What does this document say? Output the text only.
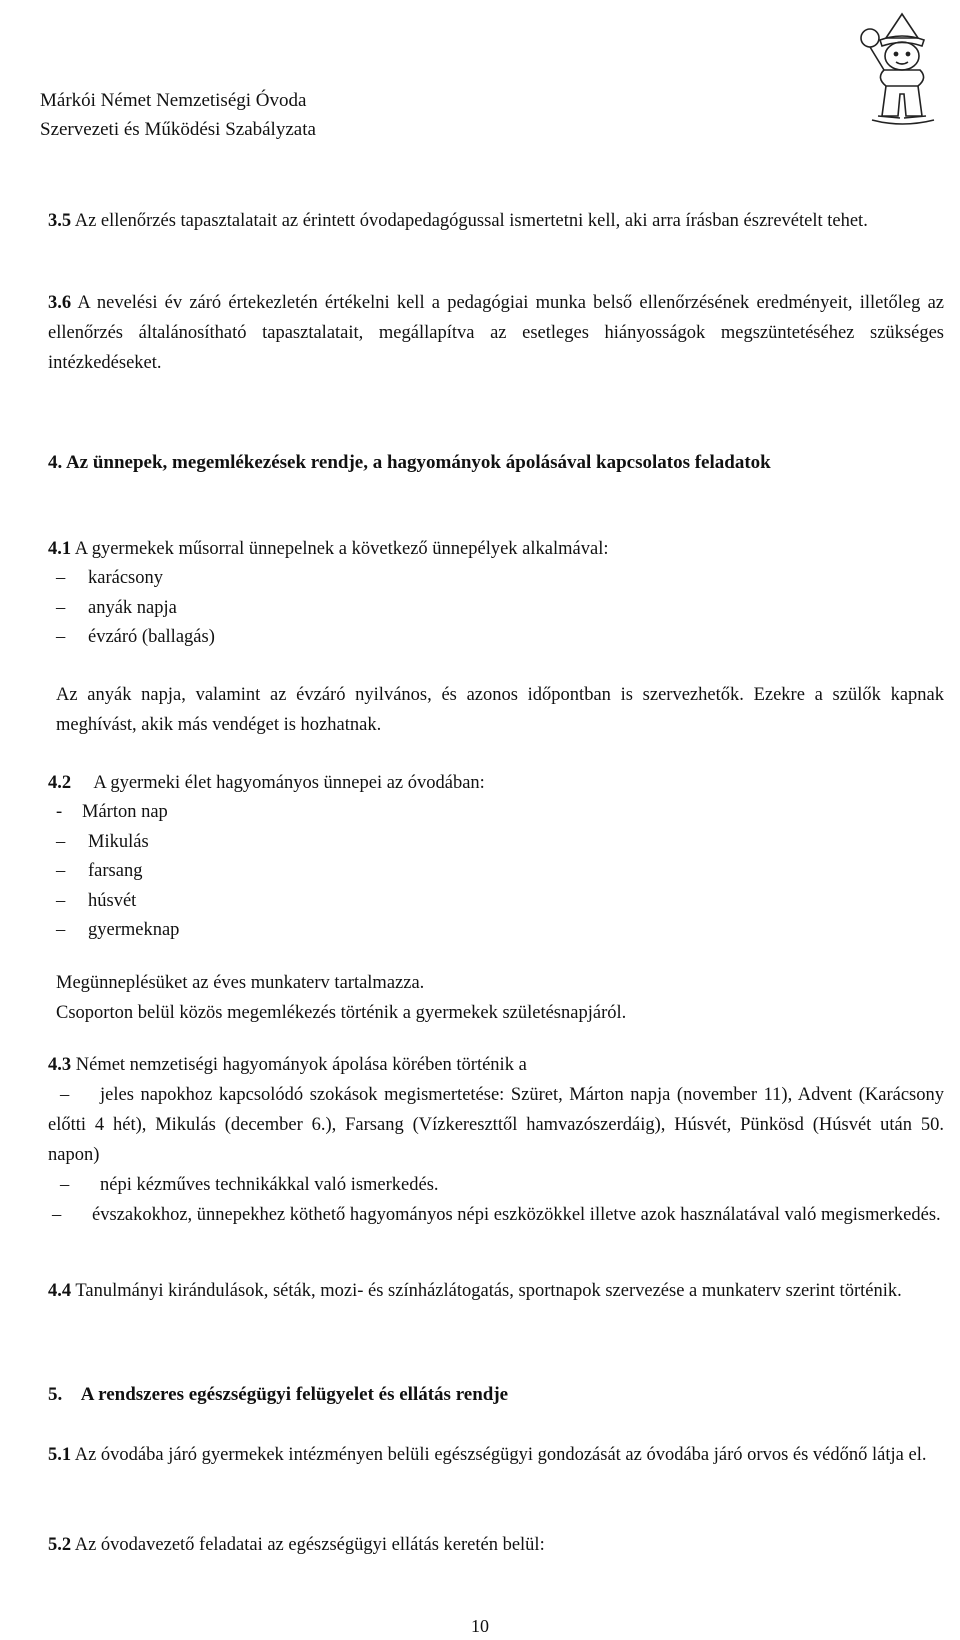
Márkói Német Nemzetiségi Óvoda
Szervezeti és Működési Szabályzata
3.5 Az ellenőrzés tapasztalatait az érintett óvodapedagógussal ismertetni kell, aki arra írásban észrevételt tehet.
3.6 A nevelési év záró értekezletén értékelni kell a pedagógiai munka belső ellenőrzésének eredményeit, illetőleg az ellenőrzés általánosítható tapasztalatait, megállapítva az esetleges hiányosságok megszüntetéséhez szükséges intézkedéseket.
4. Az ünnepek, megemlékezések rendje, a hagyományok ápolásával kapcsolatos feladatok
4.1 A gyermekek műsorral ünnepelnek a következő ünnepélyek alkalmával:
– karácsony
– anyák napja
– évzáró (ballagás)
Az anyák napja, valamint az évzáró nyilvános, és azonos időpontban is szervezhetők. Ezekre a szülők kapnak meghívást, akik más vendéget is hozhatnak.
4.2 A gyermeki élet hagyományos ünnepei az óvodában:
- Márton nap
– Mikulás
– farsang
– húsvét
– gyermeknap
Megünneplésüket az éves munkaterv tartalmazza.
Csoporton belül közös megemlékezés történik a gyermekek születésnapjáról.
4.3 Német nemzetiségi hagyományok ápolása körében történik a
– jeles napokhoz kapcsolódó szokások megismertetése: Szüret, Márton napja (november 11), Advent (Karácsony előtti 4 hét), Mikulás (december 6.), Farsang (Vízkereszttől hamvazószerdáig), Húsvét, Pünkösd (Húsvét után 50. napon)
– népi kézműves technikákkal való ismerkedés.
– évszakokhoz, ünnepekhez köthető hagyományos népi eszközökkel illetve azok használatával való megismerkedés.
4.4 Tanulmányi kirándulások, séták, mozi- és színházlátogatás, sportnapok szervezése a munkaterv szerint történik.
5. A rendszeres egészségügyi felügyelet és ellátás rendje
5.1 Az óvodába járó gyermekek intézményen belüli egészségügyi gondozását az óvodába járó orvos és védőnő látja el.
5.2 Az óvodavezető feladatai az egészségügyi ellátás keretén belül:
10
